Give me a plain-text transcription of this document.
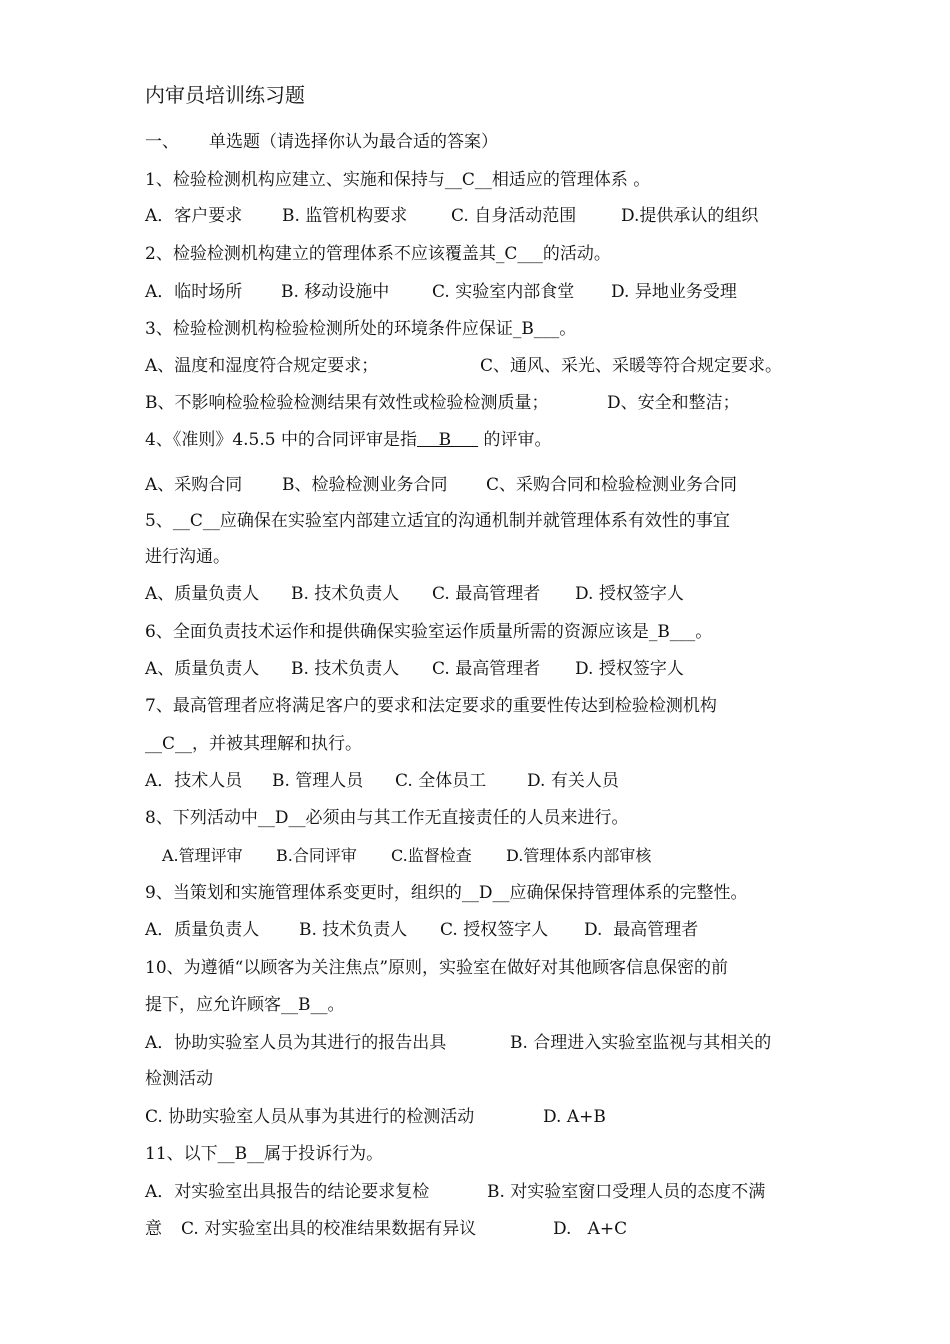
内审员培训练习题
一、 单选题（请选择你认为最合适的答案）
1、检验检测机构应建立、实施和保持与__C__相适应的管理体系 。
A．客户要求 B. 监管机构要求	C. 自身活动范围	D.提供承认的组织
2、检验检测机构建立的管理体系不应该覆盖其_C___的活动。
A．临时场所 B. 移动设施中	C. 实验室内部食堂 D. 异地业务受理
3、检验检测机构检验检测所处的环境条件应保证_B___。
A、温度和湿度符合规定要求；	C、通风、采光、采暖等符合规定要求。
B、不影响检验检验检测结果有效性或检验检测质量；	D、安全和整洁；
4、《准则》4.5.5 中的合同评审是指    B      的评审。
A、采购合同 B、检验检测业务合同 C、采购合同和检验检测业务合同
5、__C__应确保在实验室内部建立适宜的沟通机制并就管理体系有效性的事宜
进行沟通。
A、质量负责人 B. 技术负责人 C. 最高管理者 D. 授权签字人
6、全面负责技术运作和提供确保实验室运作质量所需的资源应该是_B___。
A、质量负责人 B. 技术负责人 C. 最高管理者 D. 授权签字人
7、最高管理者应将满足客户的要求和法定要求的重要性传达到检验检测机构
__C__，并被其理解和执行。
A．技术人员 B. 管理人员 C. 全体员工 D. 有关人员
8、下列活动中__D__必须由与其工作无直接责任的人员来进行。
A.管理评审 B.合同评审 C.监督检查 D.管理体系内部审核
9、当策划和实施管理体系变更时，组织的__D__应确保保持管理体系的完整性。
A．质量负责人 B. 技术负责人 C. 授权签字人 D.  最高管理者
10、为遵循“以顾客为关注焦点”原则，实验室在做好对其他顾客信息保密的前
提下，应允许顾客__B__。
A．协助实验室人员为其进行的报告出具	B. 合理进入实验室监视与其相关的
检测活动
C. 协助实验室人员从事为其进行的检测活动	D. A+B
11、以下__B__属于投诉行为。
A．对实验室出具报告的结论要求复检	B. 对实验室窗口受理人员的态度不满
意 C. 对实验室出具的校准结果数据有异议	D.   A+C
